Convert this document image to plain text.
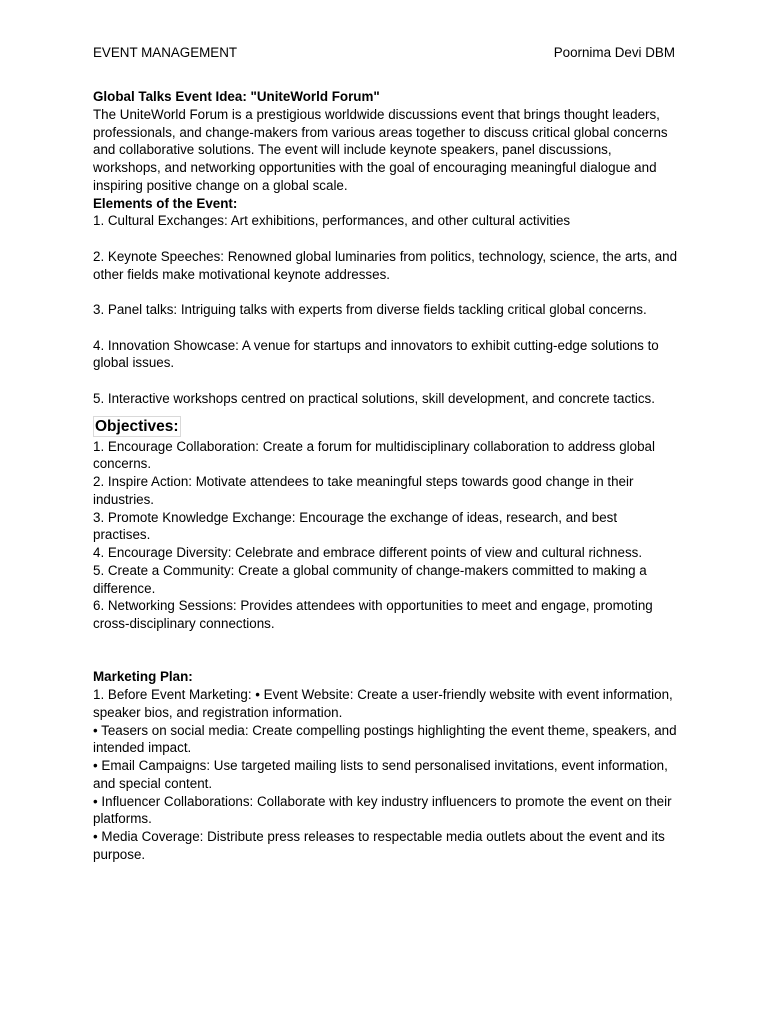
EVENT MANAGEMENT	Poornima Devi DBM

Global Talks Event Idea: "UniteWorld Forum"

The UniteWorld Forum is a prestigious worldwide discussions event that brings thought leaders, professionals, and change-makers from various areas together to discuss critical global concerns and collaborative solutions. The event will include keynote speakers, panel discussions, workshops, and networking opportunities with the goal of encouraging meaningful dialogue and inspiring positive change on a global scale.

Elements of the Event:

1. Cultural Exchanges: Art exhibitions, performances, and other cultural activities

2. Keynote Speeches: Renowned global luminaries from politics, technology, science, the arts, and other fields make motivational keynote addresses.

3. Panel talks: Intriguing talks with experts from diverse fields tackling critical global concerns.

4. Innovation Showcase: A venue for startups and innovators to exhibit cutting-edge solutions to global issues.

5. Interactive workshops centred on practical solutions, skill development, and concrete tactics.

Objectives:

1. Encourage Collaboration: Create a forum for multidisciplinary collaboration to address global concerns.

2. Inspire Action: Motivate attendees to take meaningful steps towards good change in their industries.

3. Promote Knowledge Exchange: Encourage the exchange of ideas, research, and best practises.

4. Encourage Diversity: Celebrate and embrace different points of view and cultural richness.

5. Create a Community: Create a global community of change-makers committed to making a difference.

6. Networking Sessions: Provides attendees with opportunities to meet and engage, promoting cross-disciplinary connections.

Marketing Plan:

1. Before Event Marketing: • Event Website: Create a user-friendly website with event information, speaker bios, and registration information.

• Teasers on social media: Create compelling postings highlighting the event theme, speakers, and intended impact.

• Email Campaigns: Use targeted mailing lists to send personalised invitations, event information, and special content.

• Influencer Collaborations: Collaborate with key industry influencers to promote the event on their platforms.

• Media Coverage: Distribute press releases to respectable media outlets about the event and its purpose.
